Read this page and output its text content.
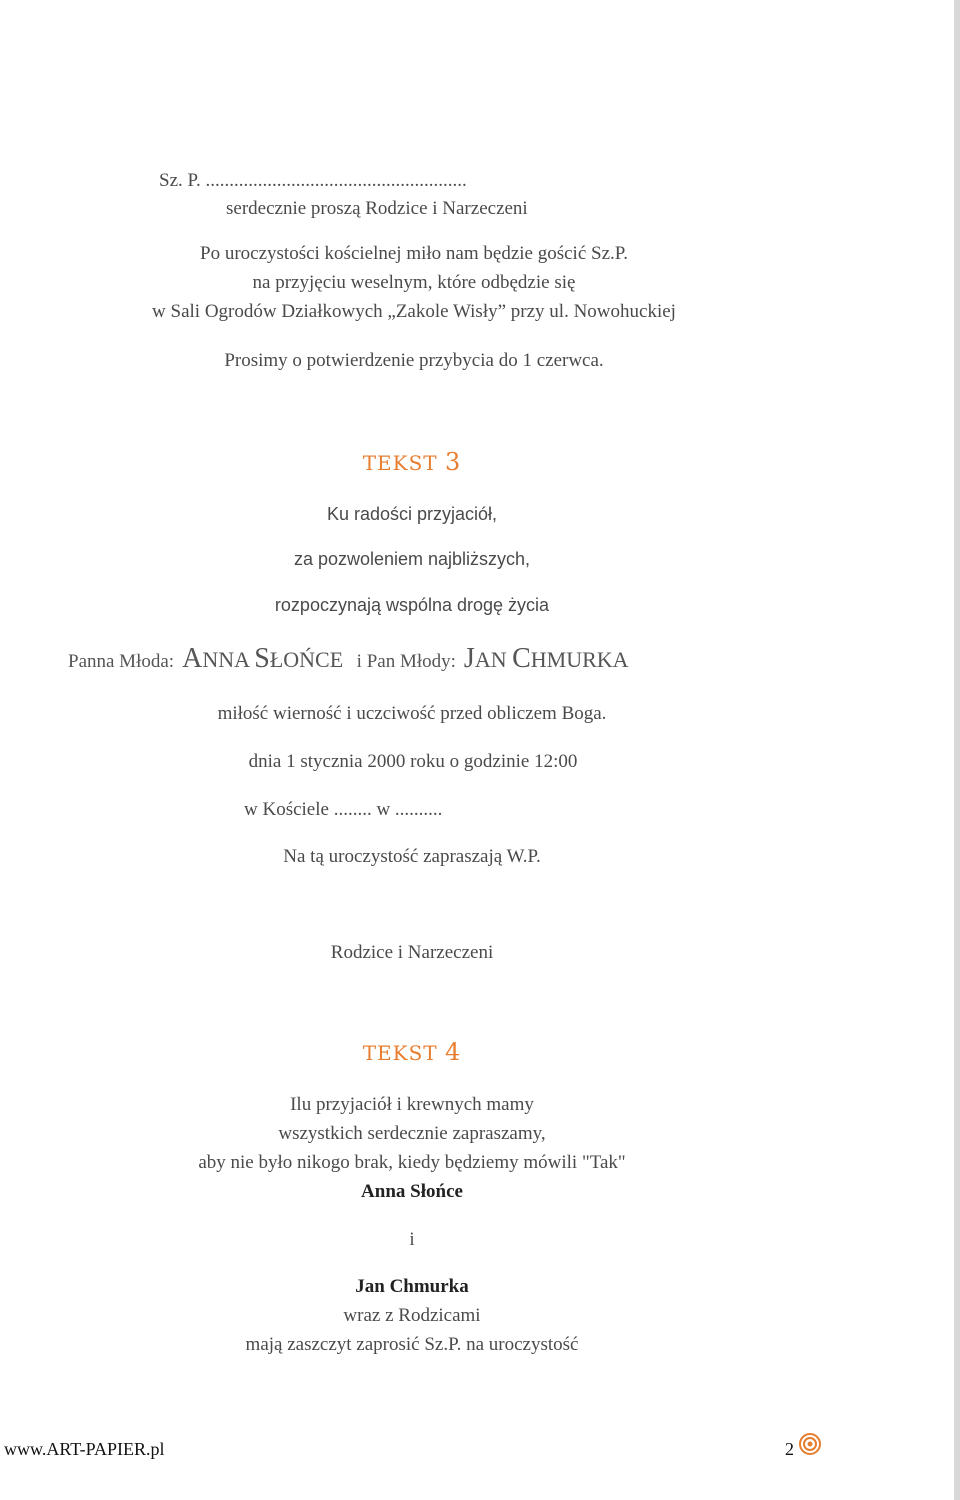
Sz. P. .......................................................
serdecznie proszą Rodzice i Narzeczeni
Po uroczystości kościelnej miło nam będzie gościć Sz.P.
na przyjęciu weselnym, które odbędzie się
w Sali Ogrodów Działkowych „Zakole Wisły” przy ul. Nowohuckiej
Prosimy o potwierdzenie przybycia do 1 czerwca.
TEKST 3
Ku radości przyjaciół,
za pozwoleniem najbliższych,
rozpoczynają wspólna drogę życia
Panna Młoda: ANNA SŁOŃCE i Pan Młody: JAN CHMURKA
miłość wierność i uczciwość przed obliczem Boga.
dnia 1 stycznia 2000 roku o godzinie 12:00
w Kościele ........ w ..........
Na tą uroczystość zapraszają W.P.
Rodzice i Narzeczeni
TEKST 4
Ilu przyjaciół i krewnych mamy
wszystkich serdecznie zapraszamy,
aby nie było nikogo brak, kiedy będziemy mówili "Tak"
Anna Słońce
i
Jan Chmurka
wraz z Rodzicami
mają zaszczyt zaprosić Sz.P. na uroczystość
www.ART-PAPIER.pl	2
